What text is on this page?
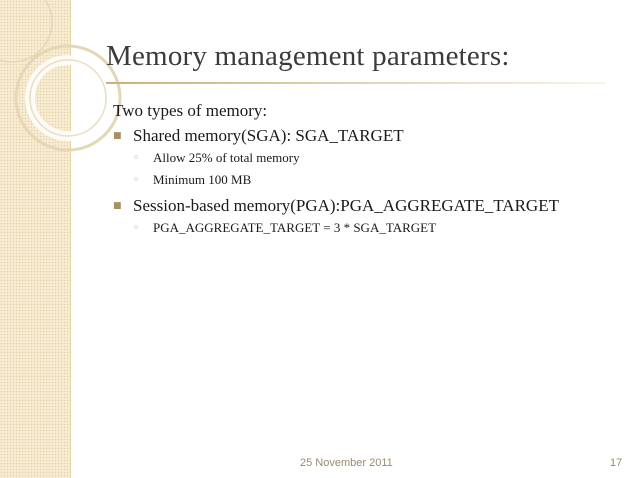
Memory management parameters:
Two types of memory:
■ Shared memory(SGA): SGA_TARGET
◦ Allow 25% of total memory
◦ Minimum 100 MB
■ Session-based memory(PGA):PGA_AGGREGATE_TARGET
◦ PGA_AGGREGATE_TARGET = 3 * SGA_TARGET
25 November 2011	17
